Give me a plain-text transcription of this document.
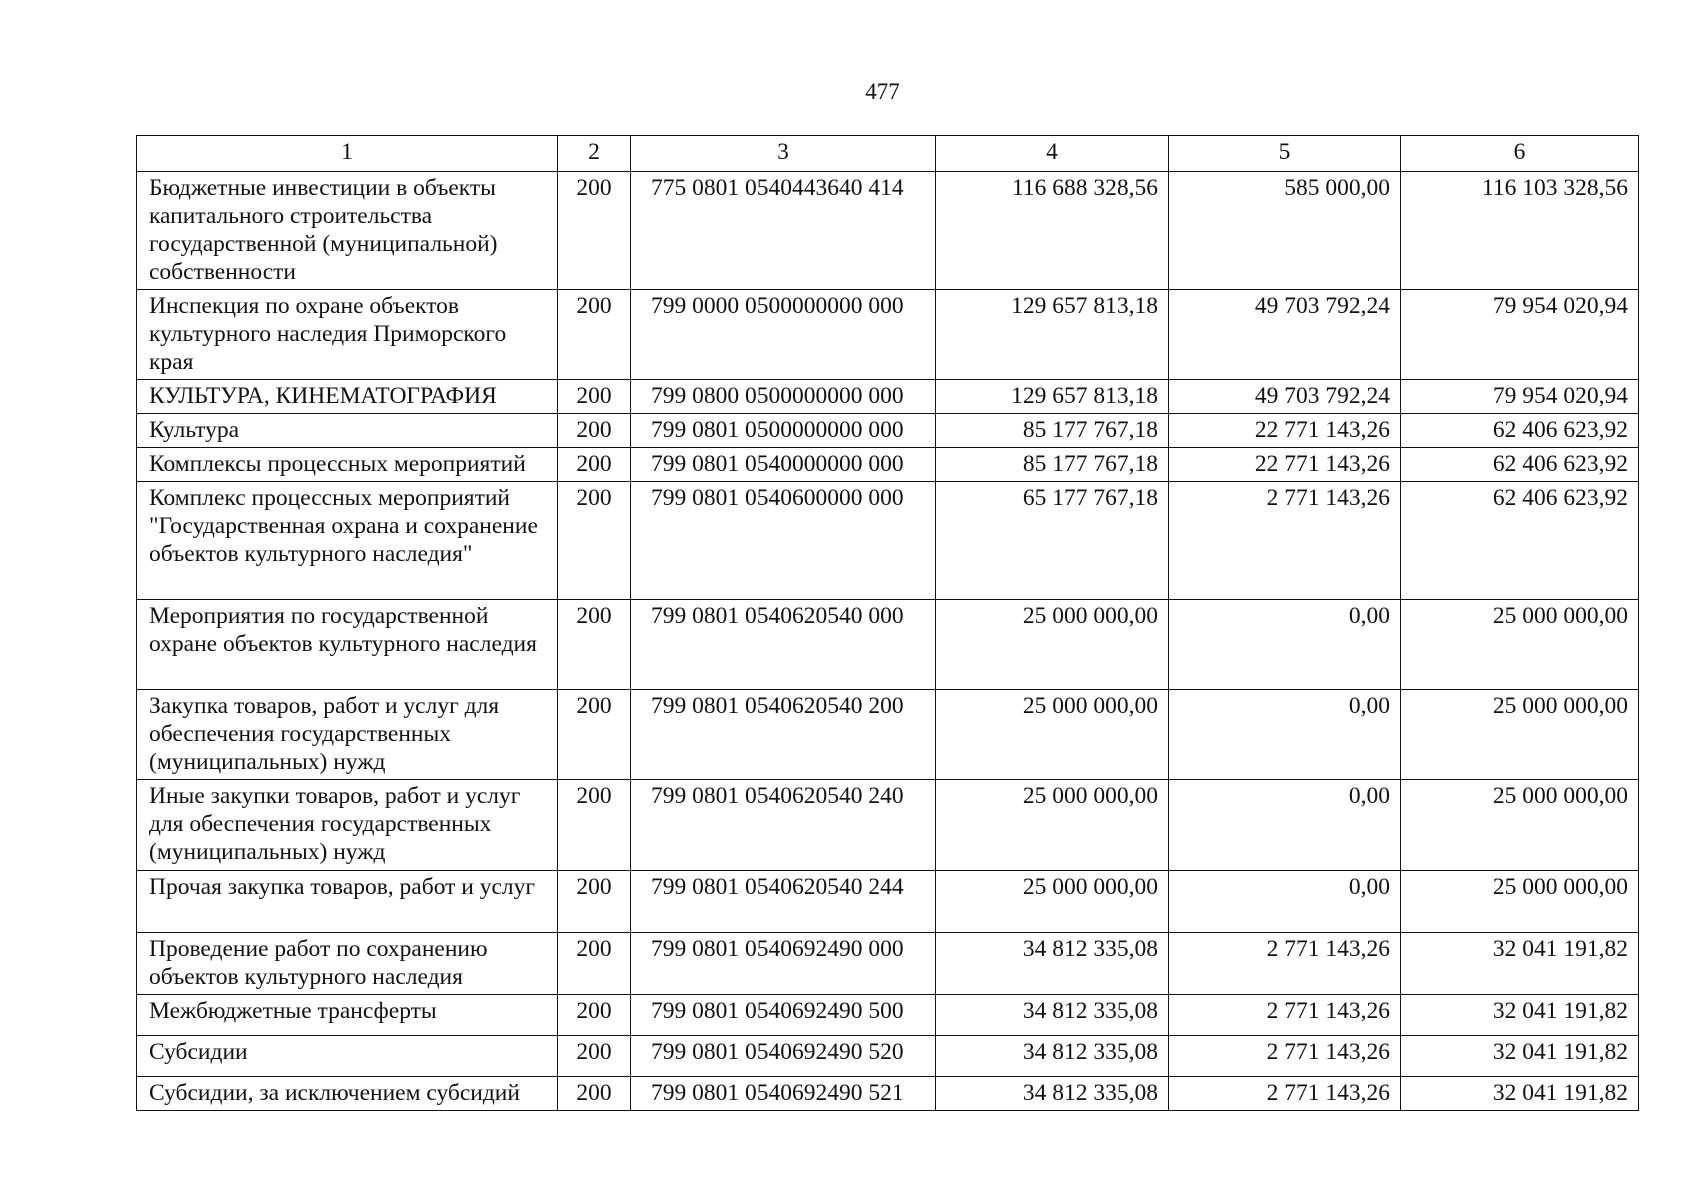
477
1	2	3	4	5	6
Бюджетные инвестиции в объекты капитального строительства государственной (муниципальной) собственности	200	775 0801 0540443640 414	116 688 328,56	585 000,00	116 103 328,56
Инспекция по охране объектов культурного наследия Приморского края	200	799 0000 0500000000 000	129 657 813,18	49 703 792,24	79 954 020,94
КУЛЬТУРА, КИНЕМАТОГРАФИЯ	200	799 0800 0500000000 000	129 657 813,18	49 703 792,24	79 954 020,94
Культура	200	799 0801 0500000000 000	85 177 767,18	22 771 143,26	62 406 623,92
Комплексы процессных мероприятий	200	799 0801 0540000000 000	85 177 767,18	22 771 143,26	62 406 623,92
Комплекс процессных мероприятий "Государственная охрана и сохранение объектов культурного наследия"	200	799 0801 0540600000 000	65 177 767,18	2 771 143,26	62 406 623,92
Мероприятия по государственной охране объектов культурного наследия	200	799 0801 0540620540 000	25 000 000,00	0,00	25 000 000,00
Закупка товаров, работ и услуг для обеспечения государственных (муниципальных) нужд	200	799 0801 0540620540 200	25 000 000,00	0,00	25 000 000,00
Иные закупки товаров, работ и услуг для обеспечения государственных (муниципальных) нужд	200	799 0801 0540620540 240	25 000 000,00	0,00	25 000 000,00
Прочая закупка товаров, работ и услуг	200	799 0801 0540620540 244	25 000 000,00	0,00	25 000 000,00
Проведение работ по сохранению объектов культурного наследия	200	799 0801 0540692490 000	34 812 335,08	2 771 143,26	32 041 191,82
Межбюджетные трансферты	200	799 0801 0540692490 500	34 812 335,08	2 771 143,26	32 041 191,82
Субсидии	200	799 0801 0540692490 520	34 812 335,08	2 771 143,26	32 041 191,82
Субсидии, за исключением субсидий	200	799 0801 0540692490 521	34 812 335,08	2 771 143,26	32 041 191,82
